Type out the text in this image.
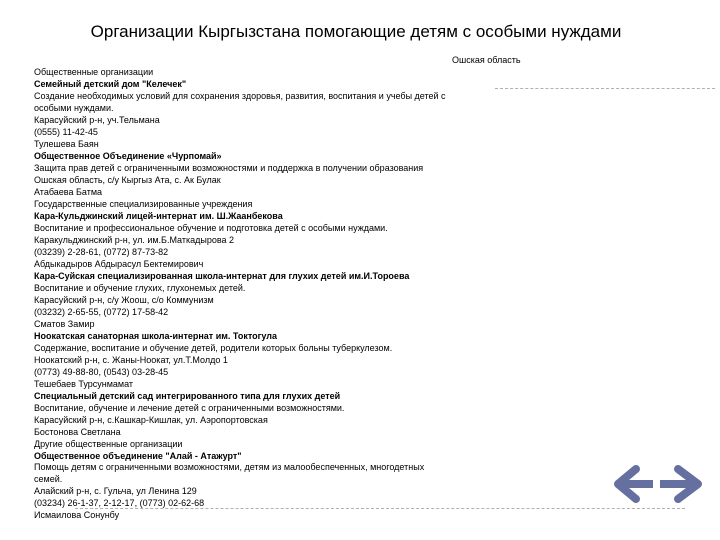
Организации Кыргызстана помогающие детям с особыми нуждами
Ошская область
Общественные организации
Семейный детский дом "Келечек"
Создание необходимых условий для сохранения здоровья, развития, воспитания и учебы детей с
особыми нуждами.
Карасуйский р-н, уч.Тельмана
(0555) 11-42-45
Тулешева Баян
Общественное Объединение «Чурпомай»
Защита прав детей с ограниченными возможностями и поддержка в получении образования
Ошская область, с/у Кыргыз Ата, с. Ак Булак
Атабаева Батма
Государственные специализированные учреждения
Кара-Кульджинский лицей-интернат им. Ш.Жаанбекова
Воспитание и профессиональное обучение и подготовка детей с особыми нуждами.
Каракульджинский р-н, ул. им.Б.Маткадырова 2
(03239) 2-28-61, (0772) 87-73-82
Абдыкадыров Абдырасул Бектемирович
Кара-Суйская специализированная школа-интернат для глухих детей им.И.Тороева
Воспитание и обучение глухих, глухонемых детей.
Карасуйский р-н, с/у Жоош, с/о Коммунизм
(03232) 2-65-55, (0772) 17-58-42
Сматов Замир
Ноокатская санаторная школа-интернат им. Токтогула
Содержание, воспитание и обучение детей, родители которых больны туберкулезом.
Ноокатский р-н, с. Жаны-Ноокат, ул.Т.Молдо 1
(0773) 49-88-80, (0543) 03-28-45
Тешебаев Турсунмамат
Специальный детский сад интегрированного типа для глухих детей
Воспитание, обучение и лечение детей с ограниченными возможностями.
Карасуйский р-н, с.Кашкар-Кишлак, ул. Аэропортовская
Бостонова Светлана
Другие общественные организации
Общественное объединение "Алай - Атажурт"
Помощь детям с ограниченными возможностями, детям из малообеспеченных, многодетных
семей.
Алайский р-н, с. Гульча, ул Ленина 129
(03234) 26-1-37, 2-12-17, (0773) 02-62-68
Исмаилова Сонунбу
